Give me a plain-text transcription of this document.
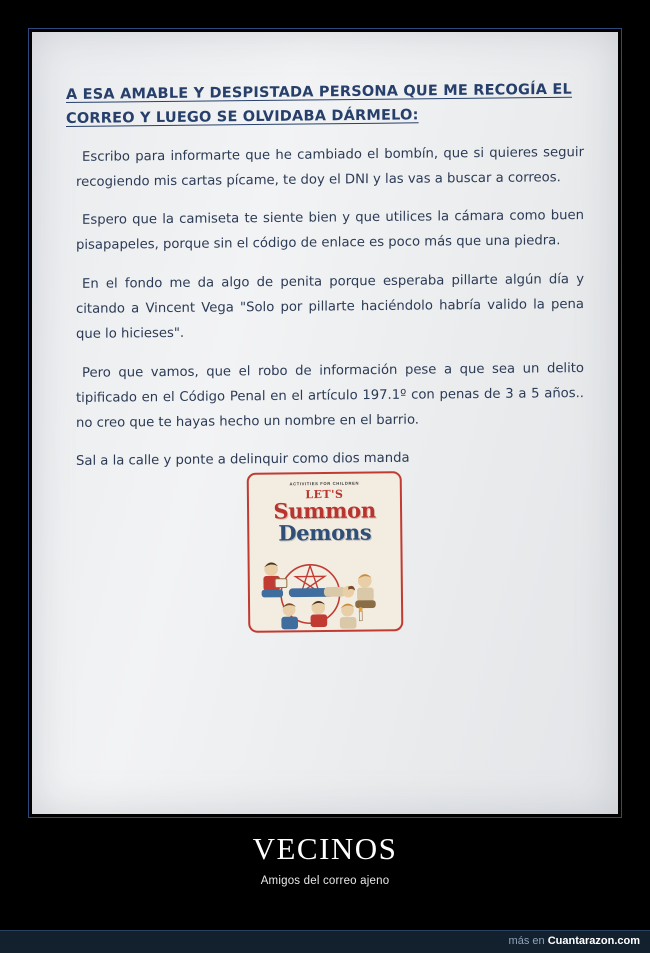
A ESA AMABLE Y DESPISTADA PERSONA QUE ME RECOGÍA EL CORREO Y LUEGO SE OLVIDABA DÁRMELO:
Escribo para informarte que he cambiado el bombín, que si quieres seguir recogiendo mis cartas pícame, te doy el DNI y las vas a buscar a correos.
Espero que la camiseta te siente bien y que utilices la cámara como buen pisapapeles, porque sin el código de enlace es poco más que una piedra.
En el fondo me da algo de penita porque esperaba pillarte algún día y citando a Vincent Vega "Solo por pillarte haciéndolo habría valido la pena que lo hicieses".
Pero que vamos, que el robo de información pese a que sea un delito tipificado en el Código Penal en el artículo 197.1º con penas de 3 a 5 años.. no creo que te hayas hecho un nombre en el barrio.
Sal a la calle y ponte a delinquir como dios manda
ACTIVITIES FOR CHILDREN
LET'S
Summon
Demons
VECINOS
Amigos del correo ajeno
más en Cuantarazon.com
